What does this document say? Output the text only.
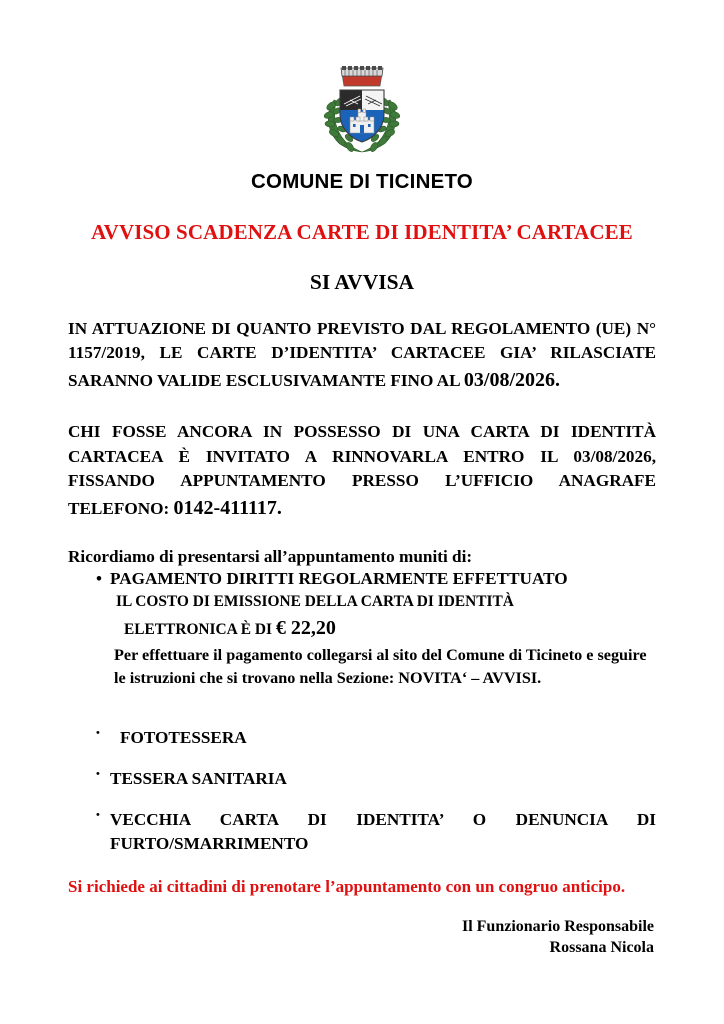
COMUNE DI TICINETO
AVVISO SCADENZA CARTE DI IDENTITA’ CARTACEE
SI AVVISA

IN ATTUAZIONE DI QUANTO PREVISTO DAL REGOLAMENTO (UE) N° 1157/2019, LE CARTE D’IDENTITA’ CARTACEE GIA’ RILASCIATE SARANNO VALIDE ESCLUSIVAMANTE FINO AL 03/08/2026.

CHI FOSSE ANCORA IN POSSESSO DI UNA CARTA DI IDENTITÀ CARTACEA È INVITATO A RINNOVARLA ENTRO IL 03/08/2026, FISSANDO APPUNTAMENTO PRESSO L’UFFICIO ANAGRAFE TELEFONO: 0142-411117.

Ricordiamo di presentarsi all’appuntamento muniti di:
• PAGAMENTO DIRITTI REGOLARMENTE EFFETTUATO
IL COSTO DI EMISSIONE DELLA CARTA DI IDENTITÀ
ELETTRONICA È DI € 22,20
Per effettuare il pagamento collegarsi al sito del Comune di Ticineto e seguire le istruzioni che si trovano nella Sezione: NOVITA‘ – AVVISI.
•	FOTOTESSERA
• TESSERA SANITARIA
• VECCHIA CARTA DI IDENTITA’ O DENUNCIA DI FURTO/SMARRIMENTO

Si richiede ai cittadini di prenotare l’appuntamento con un congruo anticipo.

Il Funzionario Responsabile
Rossana Nicola
